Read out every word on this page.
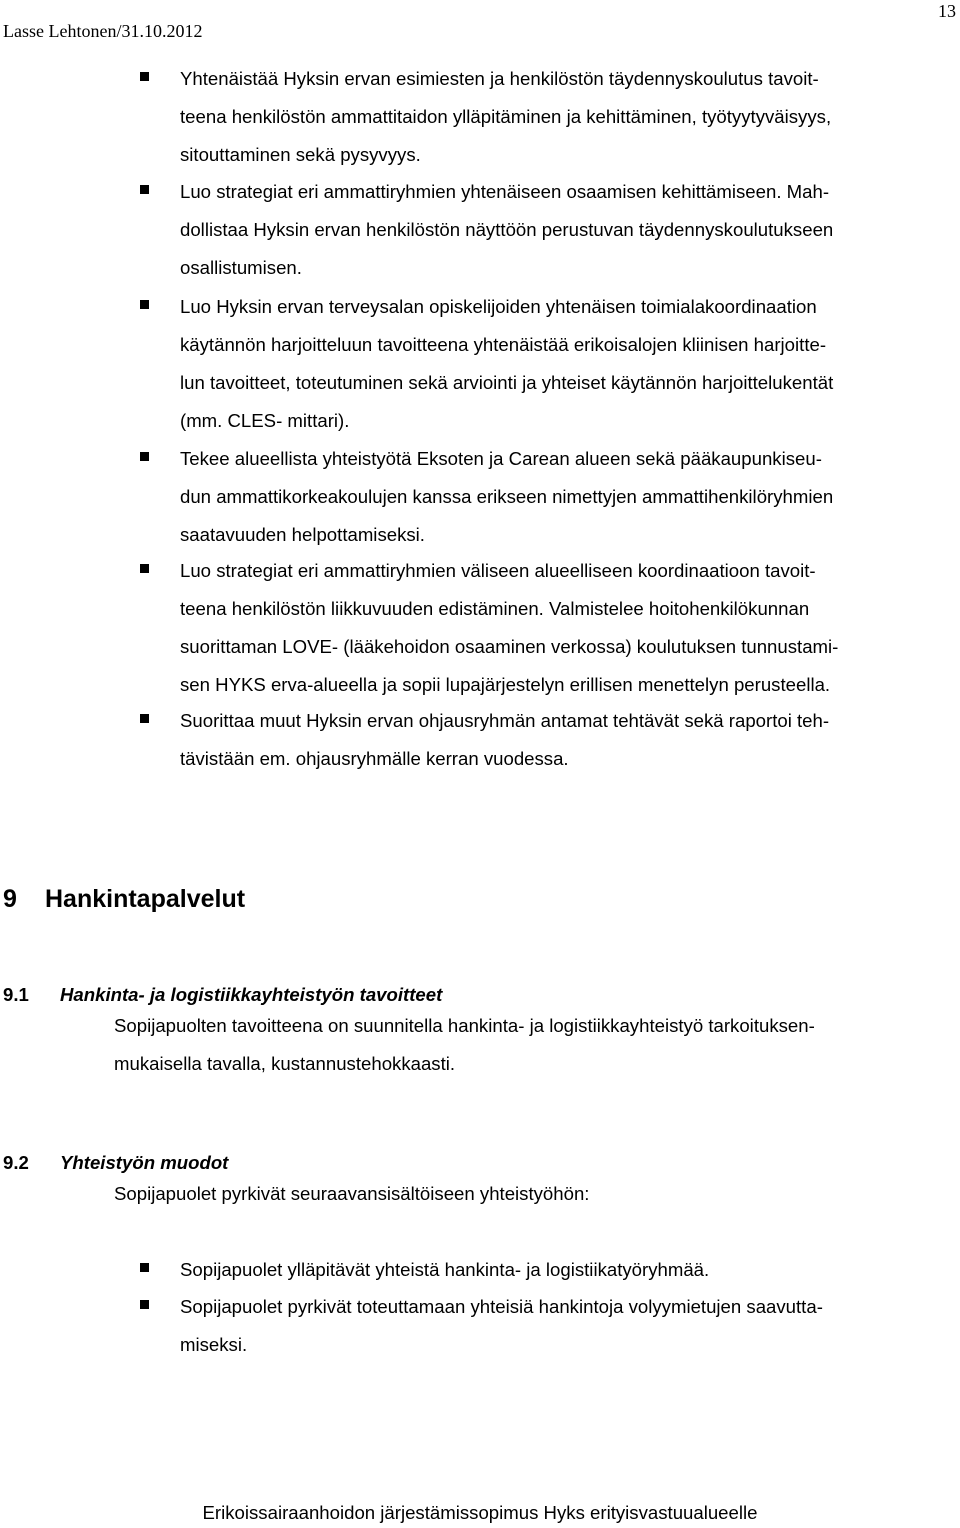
Lasse Lehtonen/31.10.2012
13
Yhtenäistää Hyksin ervan esimiesten ja henkilöstön täydennyskoulutus tavoit-
teena henkilöstön ammattitaidon ylläpitäminen ja kehittäminen, työtyytyväisyys,
sitouttaminen sekä pysyvyys.
Luo strategiat eri ammattiryhmien yhtenäiseen osaamisen kehittämiseen. Mah-
dollistaa Hyksin ervan henkilöstön näyttöön perustuvan täydennyskoulutukseen
osallistumisen.
Luo Hyksin ervan terveysalan opiskelijoiden yhtenäisen toimialakoordinaation
käytännön harjoitteluun tavoitteena yhtenäistää erikoisalojen kliinisen harjoitte-
lun tavoitteet, toteutuminen sekä arviointi ja yhteiset käytännön harjoittelukentät
(mm. CLES- mittari).
Tekee alueellista yhteistyötä Eksoten ja Carean alueen sekä pääkaupunkiseu-
dun ammattikorkeakoulujen kanssa erikseen nimettyjen ammattihenkilöryhmien
saatavuuden helpottamiseksi.
Luo strategiat eri ammattiryhmien väliseen alueelliseen koordinaatioon tavoit-
teena henkilöstön liikkuvuuden edistäminen. Valmistelee hoitohenkilökunnan
suorittaman LOVE- (lääkehoidon osaaminen verkossa) koulutuksen tunnustami-
sen HYKS erva-alueella ja sopii lupajärjestelyn erillisen menettelyn perusteella.
Suorittaa muut Hyksin ervan ohjausryhmän antamat tehtävät sekä raportoi teh-
tävistään em. ohjausryhmälle kerran vuodessa.
9 Hankintapalvelut
9.1 Hankinta- ja logistiikkayhteistyön tavoitteet
Sopijapuolten tavoitteena on suunnitella hankinta- ja logistiikkayhteistyö tarkoituksen-
mukaisella tavalla, kustannustehokkaasti.
9.2 Yhteistyön muodot
Sopijapuolet pyrkivät seuraavansisältöiseen yhteistyöhön:
Sopijapuolet ylläpitävät yhteistä hankinta- ja logistiikatyöryhmää.
Sopijapuolet pyrkivät toteuttamaan yhteisiä hankintoja volyymietujen saavutta-
miseksi.
Erikoissairaanhoidon järjestämissopimus Hyks erityisvastuualueelle
